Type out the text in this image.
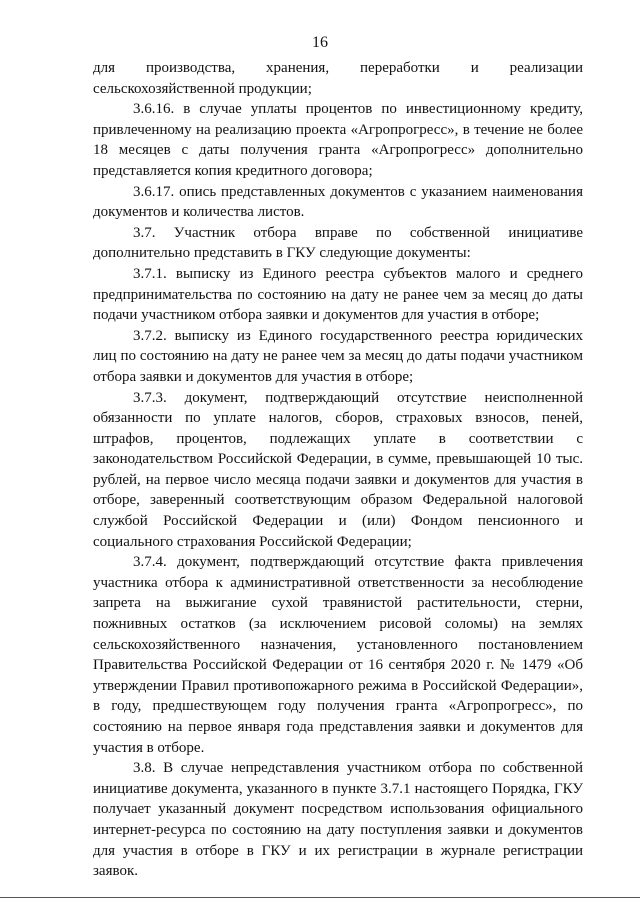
16

для производства, хранения, переработки и реализации сельскохозяйственной продукции;

3.6.16. в случае уплаты процентов по инвестиционному кредиту, привлеченному на реализацию проекта «Агропрогресс», в течение не более 18 месяцев с даты получения гранта «Агропрогресс» дополнительно представляется копия кредитного договора;

3.6.17. опись представленных документов с указанием наименования документов и количества листов.

3.7. Участник отбора вправе по собственной инициативе дополнительно представить в ГКУ следующие документы:

3.7.1. выписку из Единого реестра субъектов малого и среднего предпринимательства по состоянию на дату не ранее чем за месяц до даты подачи участником отбора заявки и документов для участия в отборе;

3.7.2. выписку из Единого государственного реестра юридических лиц по состоянию на дату не ранее чем за месяц до даты подачи участником отбора заявки и документов для участия в отборе;

3.7.3. документ, подтверждающий отсутствие неисполненной обязанности по уплате налогов, сборов, страховых взносов, пеней, штрафов, процентов, подлежащих уплате в соответствии с законодательством Российской Федерации, в сумме, превышающей 10 тыс. рублей, на первое число месяца подачи заявки и документов для участия в отборе, заверенный соответствующим образом Федеральной налоговой службой Российской Федерации и (или) Фондом пенсионного и социального страхования Российской Федерации;

3.7.4. документ, подтверждающий отсутствие факта привлечения участника отбора к административной ответственности за несоблюдение запрета на выжигание сухой травянистой растительности, стерни, пожнивных остатков (за исключением рисовой соломы) на землях сельскохозяйственного назначения, установленного постановлением Правительства Российской Федерации от 16 сентября 2020 г. № 1479 «Об утверждении Правил противопожарного режима в Российской Федерации», в году, предшествующем году получения гранта «Агропрогресс», по состоянию на первое января года представления заявки и документов для участия в отборе.

3.8. В случае непредставления участником отбора по собственной инициативе документа, указанного в пункте 3.7.1 настоящего Порядка, ГКУ получает указанный документ посредством использования официального интернет-ресурса по состоянию на дату поступления заявки и документов для участия в отборе в ГКУ и их регистрации в журнале регистрации заявок.
